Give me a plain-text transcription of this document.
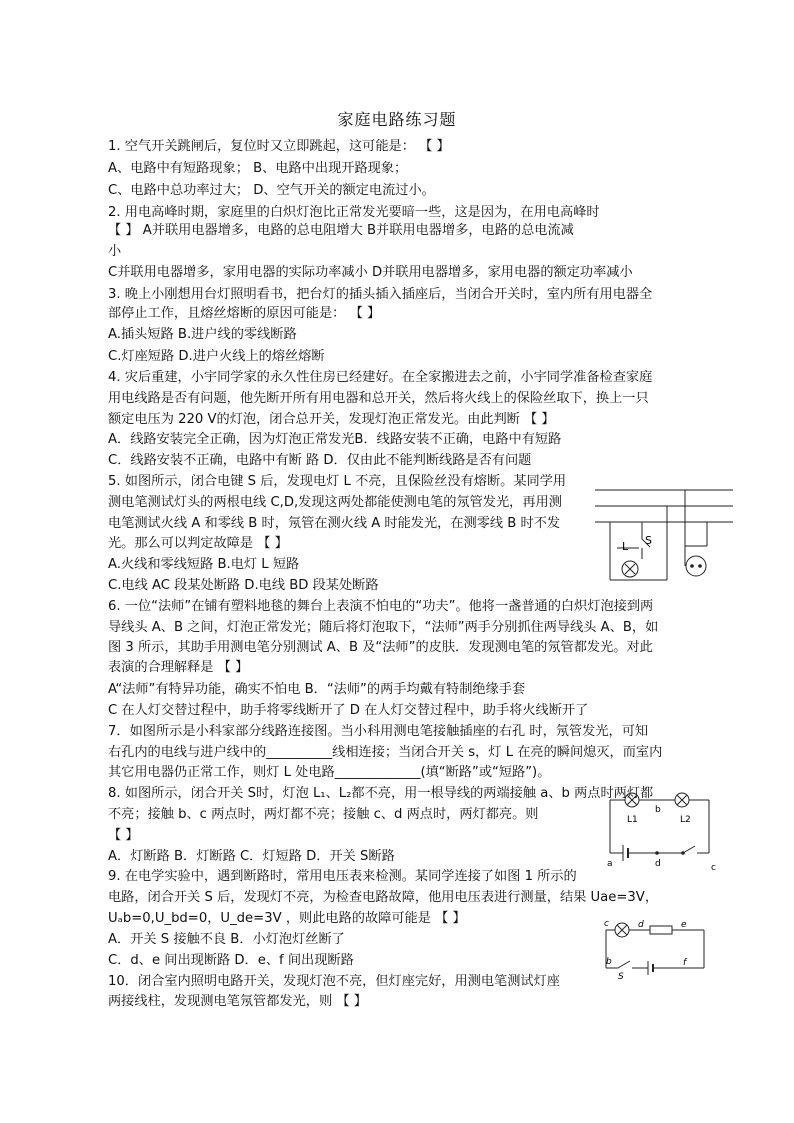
家庭电路练习题
1. 空气开关跳闸后，复位时又立即跳起，这可能是： 【 】
A、电路中有短路现象； B、电路中出现开路现象；
C、电路中总功率过大； D、空气开关的额定电流过小。
2. 用电高峰时期，家庭里的白炽灯泡比正常发光要暗一些，这是因为，在用电高峰时
【 】 A并联用电器增多，电路的总电阻增大 B并联用电器增多，电路的总电流减
小
C并联用电器增多，家用电器的实际功率减小 D并联用电器增多，家用电器的额定功率减小
3. 晚上小刚想用台灯照明看书，把台灯的插头插入插座后，当闭合开关时，室内所有用电器全
部停止工作，且熔丝熔断的原因可能是： 【 】
A.插头短路 B.进户线的零线断路
C.灯座短路 D.进户火线上的熔丝熔断
4. 灾后重建，小宇同学家的永久性住房已经建好。在全家搬进去之前，小宇同学准备检查家庭
用电线路是否有问题，他先断开所有用电器和总开关，然后将火线上的保险丝取下，换上一只
额定电压为 220 V的灯泡，闭合总开关，发现灯泡正常发光。由此判断 【 】
A．线路安装完全正确，因为灯泡正常发光B．线路安装不正确，电路中有短路
C．线路安装不正确，电路中有断 路 D．仅由此不能判断线路是否有问题
5. 如图所示，闭合电键 S 后，发现电灯 L 不亮，且保险丝没有熔断。某同学用
测电笔测试灯头的两根电线 C,D,发现这两处都能使测电笔的氖管发光，再用测
电笔测试火线 A 和零线 B 时，氖管在测火线 A 时能发光，在测零线 B 时不发
光。那么可以判定故障是 【 】
A.火线和零线短路 B.电灯 L 短路
C.电线 AC 段某处断路 D.电线 BD 段某处断路
6. 一位“法师”在铺有塑料地毯的舞台上表演不怕电的“功夫”。他将一盏普通的白炽灯泡接到两
导线头 A、B 之间，灯泡正常发光；随后将灯泡取下，“法师”两手分别抓住两导线头 A、B，如
图 3 所示，其助手用测电笔分别测试 A、B 及“法师”的皮肤．发现测电笔的氖管都发光。对此
表演的合理解释是 【 】
A“法师”有特异功能，确实不怕电 B．“法师”的两手均戴有特制绝缘手套
C 在人灯交替过程中，助手将零线断开了 D 在人灯交替过程中，助手将火线断开了
7．如图所示是小科家部分线路连接图。当小科用测电笔接触插座的右孔 时，氖管发光，可知
右孔内的电线与进户线中的__________线相连接；当闭合开关 s，灯 L 在亮的瞬间熄灭，而室内
其它用电器仍正常工作，则灯 L 处电路_____________(填“断路”或“短路”)。
8. 如图所示，闭合开关 S时，灯泡 L₁、L₂都不亮，用一根导线的两端接触 a、b 两点时两灯都
不亮；接触 b、c 两点时，两灯都不亮；接触 c、d 两点时，两灯都亮。则
【 】
A．灯断路 B．灯断路 C．灯短路 D．开关 S断路
9. 在电学实验中，遇到断路时，常用电压表来检测。某同学连接了如图 1 所示的
电路，闭合开关 S 后，发现灯不亮，为检查电路故障，他用电压表进行测量，结果 Uae=3V，
Uₐb=0,U_bd=0，U_de=3V ，则此电路的故障可能是 【 】
A．开关 S 接触不良 B．小灯泡灯丝断了
C．d、e 间出现断路 D．e、f 间出现断路
10．闭合室内照明电路开关，发现灯泡不亮，但灯座完好，用测电笔测试灯座
两接线柱，发现测电笔氖管都发光，则 【 】
L S
L1	L2
b
a	d	c
c	d	e
b
S
f
